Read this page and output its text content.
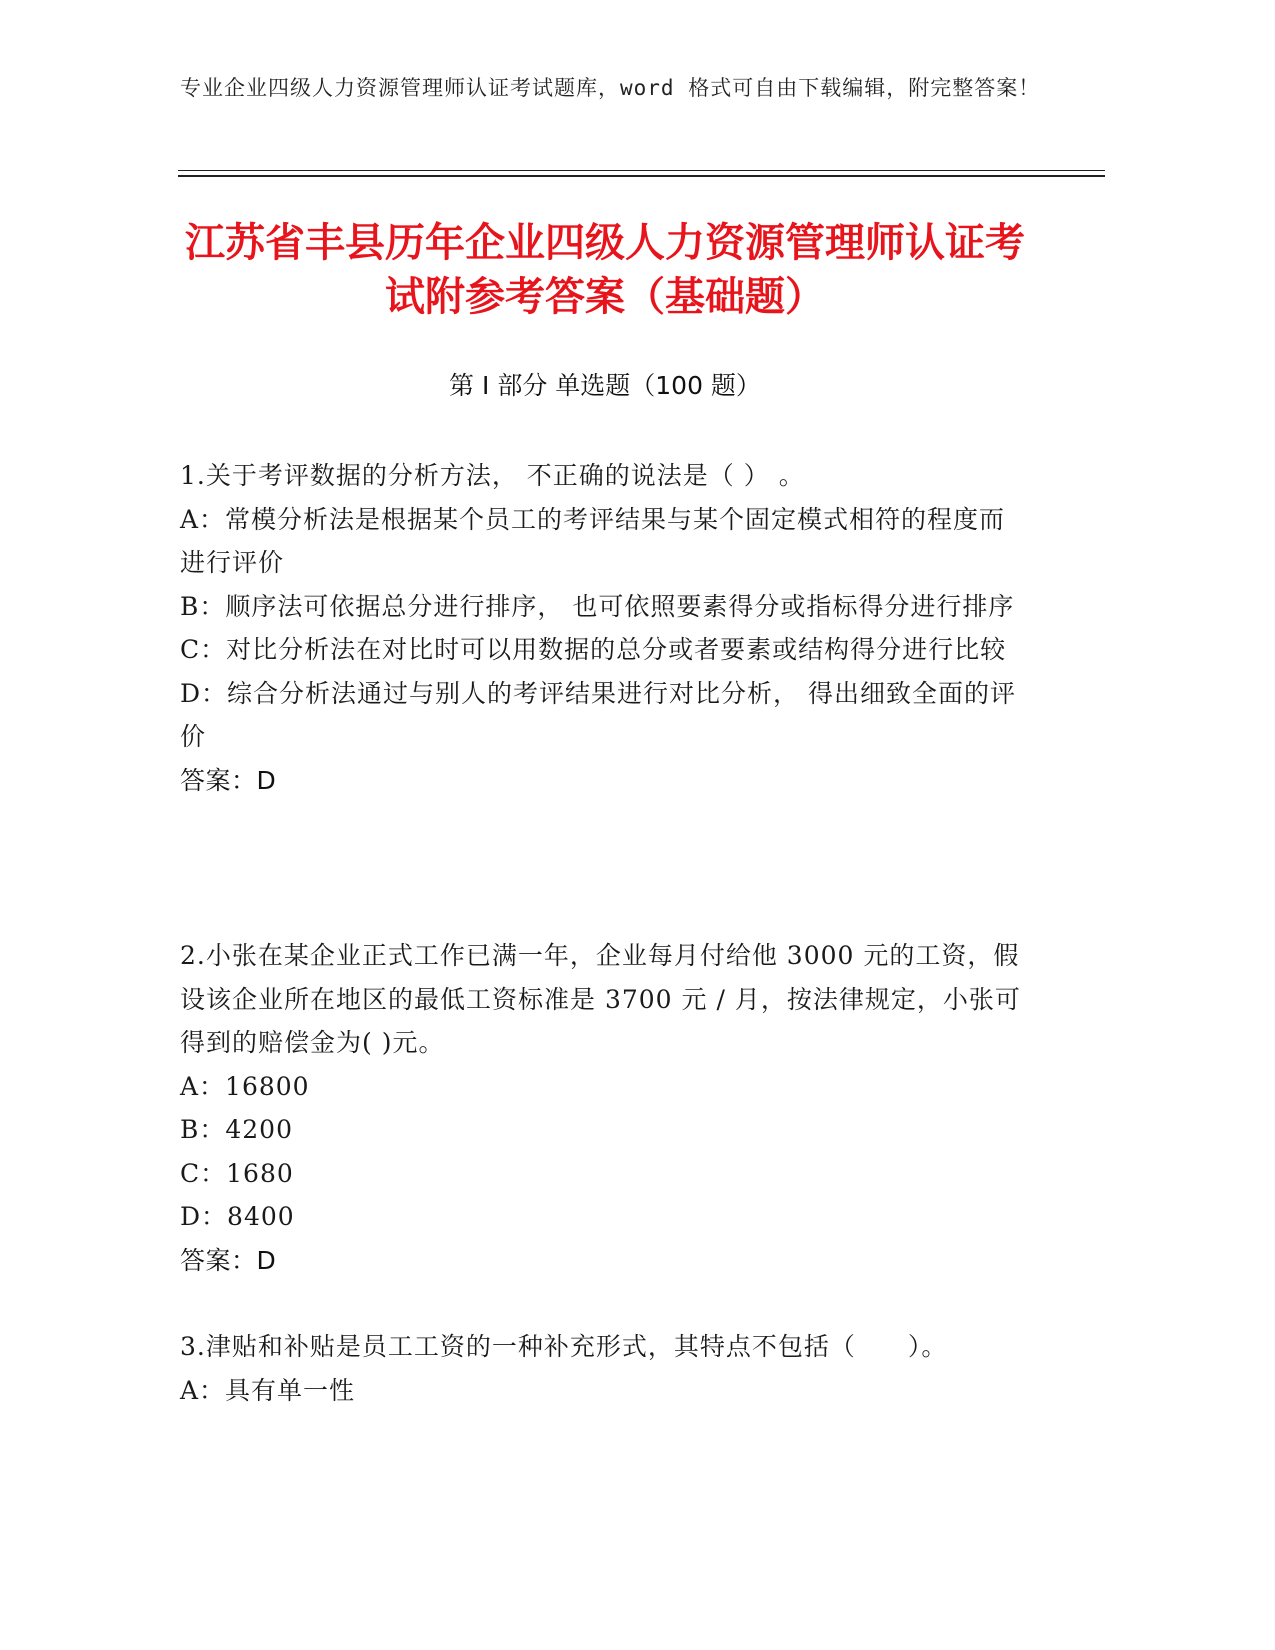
专业企业四级人力资源管理师认证考试题库，word 格式可自由下载编辑，附完整答案！
江苏省丰县历年企业四级人力资源管理师认证考试附参考答案（基础题）
第 I 部分 单选题（100 题）
1.关于考评数据的分析方法， 不正确的说法是（ ） 。
A：常模分析法是根据某个员工的考评结果与某个固定模式相符的程度而进行评价
B：顺序法可依据总分进行排序， 也可依照要素得分或指标得分进行排序
C：对比分析法在对比时可以用数据的总分或者要素或结构得分进行比较
D：综合分析法通过与别人的考评结果进行对比分析， 得出细致全面的评价
答案：D
2.小张在某企业正式工作已满一年，企业每月付给他 3000 元的工资，假设该企业所在地区的最低工资标准是 3700 元 / 月，按法律规定，小张可得到的赔偿金为( )元。
A：16800
B：4200
C：1680
D：8400
答案：D
3.津贴和补贴是员工工资的一种补充形式，其特点不包括（　　）。
A：具有单一性
